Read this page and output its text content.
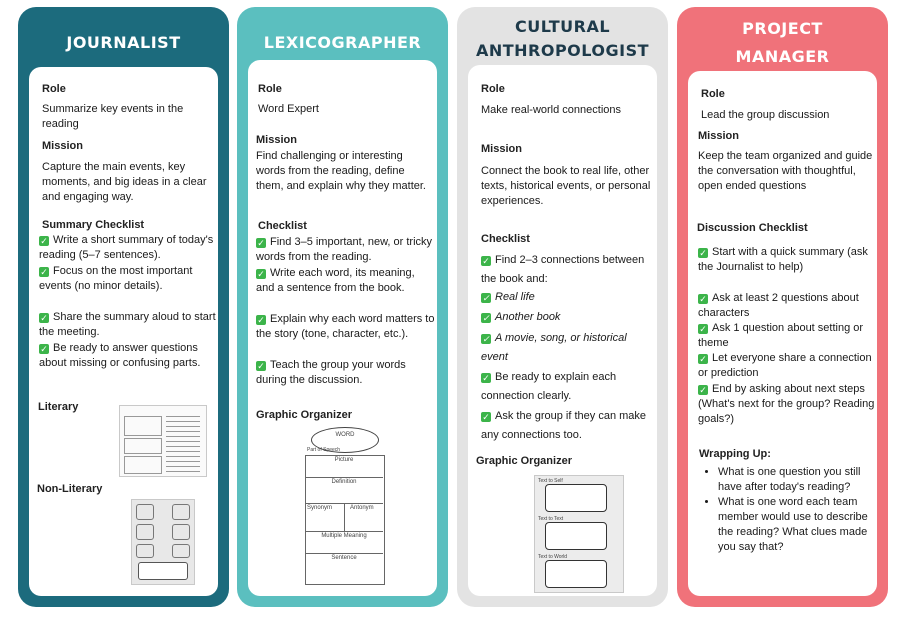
JOURNALIST
Role
Summarize key events in the reading
Mission
Capture the main events, key moments, and big ideas in a clear and engaging way.
Summary Checklist
✓ Write a short summary of today's reading (5–7 sentences).
✓ Focus on the most important events (no minor details).
✓ Share the summary aloud to start the meeting.
✓ Be ready to answer questions about missing or confusing parts.
Literary
Non-Literary
LEXICOGRAPHER
Role
Word Expert
Mission
Find challenging or interesting words from the reading, define them, and explain why they matter.
Checklist
✓ Find 3–5 important, new, or tricky words from the reading.
✓ Write each word, its meaning, and a sentence from the book.
✓ Explain why each word matters to the story (tone, character, etc.).
✓ Teach the group your words during the discussion.
Graphic Organizer
WORD
Part of Speech
Picture
Definition
Synonym	Antonym
Multiple Meaning
Sentence
CULTURAL
ANTHROPOLOGIST
Role
Make real-world connections
Mission
Connect the book to real life, other texts, historical events, or personal experiences.
Checklist
✓ Find 2–3 connections between the book and:
✓ Real life
✓ Another book
✓ A movie, song, or historical event
✓ Be ready to explain each connection clearly.
✓ Ask the group if they can make any connections too.
Graphic Organizer
Text to Self
Text to Text
Text to World
PROJECT
MANAGER
Role
Lead the group discussion
Mission
Keep the team organized and guide the conversation with thoughtful, open ended questions
Discussion Checklist
✓ Start with a quick summary (ask the Journalist to help)
✓ Ask at least 2 questions about characters
✓ Ask 1 question about setting or theme
✓ Let everyone share a connection or prediction
✓ End by asking about next steps (What's next for the group? Reading goals?)
Wrapping Up:
• What is one question you still have after today's reading?
• What is one word each team member would use to describe the reading? What clues made you say that?
